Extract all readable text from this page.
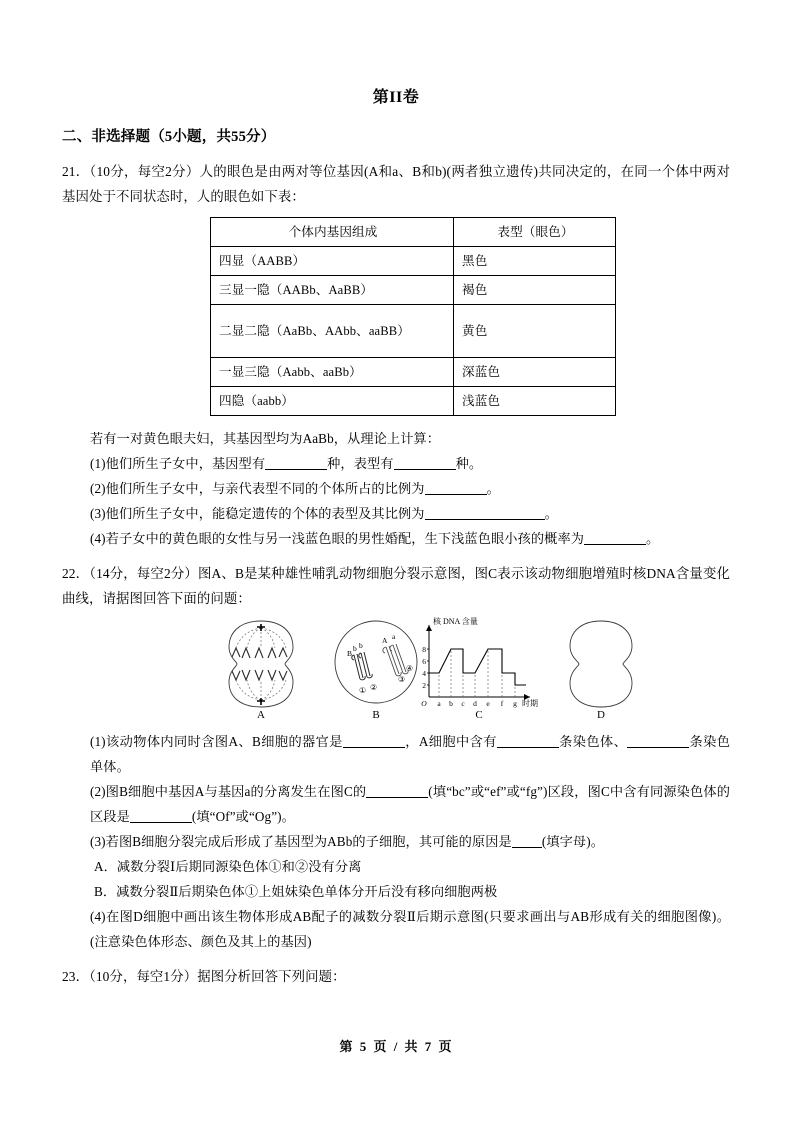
第II卷
二、非选择题（5小题，共55分）

21．（10分，每空2分）人的眼色是由两对等位基因(A和a、B和b)(两者独立遗传)共同决定的，在同一个体中两对基因处于不同状态时，人的眼色如下表：

个体内基因组成	表型（眼色）
四显（AABB）	黑色
三显一隐（AABb、AaBB）	褐色
二显二隐（AaBb、AAbb、aaBB）	黄色
一显三隐（Aabb、aaBb）	深蓝色
四隐（aabb）	浅蓝色

若有一对黄色眼夫妇，其基因型均为AaBb，从理论上计算：

(1)他们所生子女中，基因型有	种，表型有	种。

(2)他们所生子女中，与亲代表型不同的个体所占的比例为	。

(3)他们所生子女中，能稳定遗传的个体的表型及其比例为	。

(4)若子女中的黄色眼的女性与另一浅蓝色眼的男性婚配，生下浅蓝色眼小孩的概率为	。

22．（14分，每空2分）图A、B是某种雄性哺乳动物细胞分裂示意图，图C表示该动物细胞增殖时核DNA含量变化曲线，请据图回答下面的问题：

A
A a
B
b b
① ②
③
④
B
2
4
6
8
O a b c d e f g
核 DNA 含量
时期
C	D

(1)该动物体内同时含图A、B细胞的器官是	，A细胞中含有	条染色体、	条染色单体。

(2)图B细胞中基因A与基因a的分离发生在图C的	(填“bc”或“ef”或“fg”)区段，图C中含有同源染色体的区段是	(填“Of”或“Og”)。

(3)若图B细胞分裂完成后形成了基因型为ABb的子细胞，其可能的原因是 (填字母)。

A．减数分裂Ⅰ后期同源染色体①和②没有分离

B．减数分裂Ⅱ后期染色体①上姐妹染色单体分开后没有移向细胞两极

(4)在图D细胞中画出该生物体形成AB配子的减数分裂Ⅱ后期示意图(只要求画出与AB形成有关的细胞图像)。(注意染色体形态、颜色及其上的基因)

23．（10分，每空1分）据图分析回答下列问题：

第 5 页 / 共 7 页
